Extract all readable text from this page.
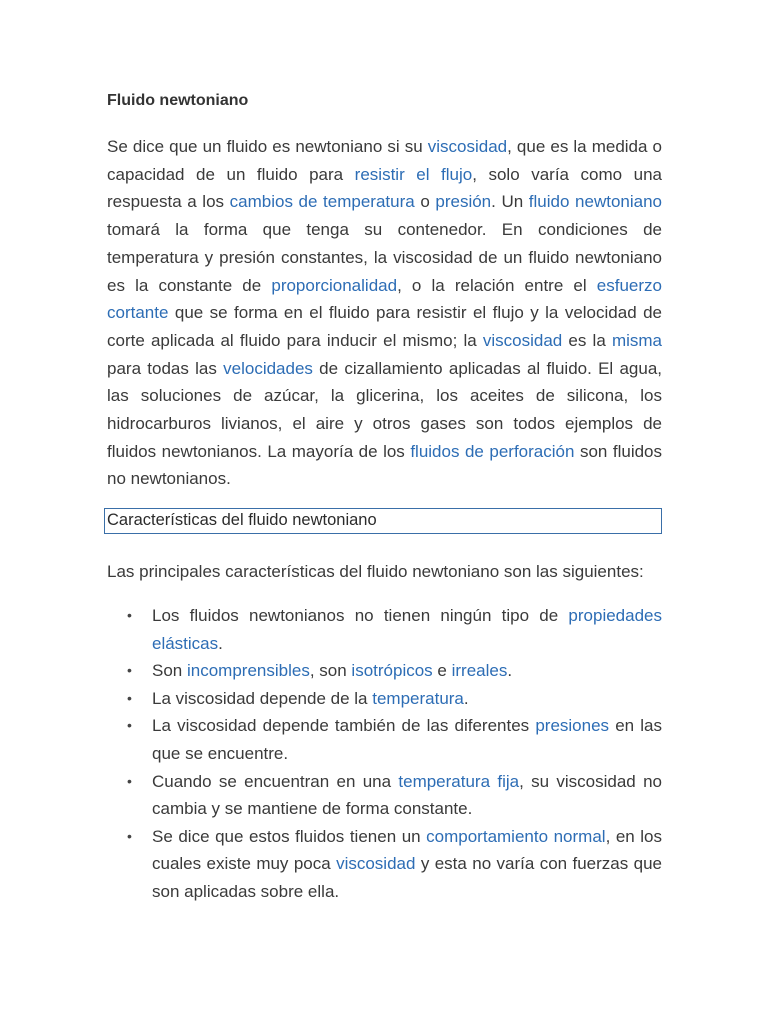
Fluido newtoniano

Se dice que un fluido es newtoniano si su viscosidad, que es la medida o capacidad de un fluido para resistir el flujo, solo varía como una respuesta a los cambios de temperatura o presión. Un fluido newtoniano tomará la forma que tenga su contenedor. En condiciones de temperatura y presión constantes, la viscosidad de un fluido newtoniano es la constante de proporcionalidad, o la relación entre el esfuerzo cortante que se forma en el fluido para resistir el flujo y la velocidad de corte aplicada al fluido para inducir el mismo; la viscosidad es la misma para todas las velocidades de cizallamiento aplicadas al fluido. El agua, las soluciones de azúcar, la glicerina, los aceites de silicona, los hidrocarburos livianos, el aire y otros gases son todos ejemplos de fluidos newtonianos. La mayoría de los fluidos de perforación son fluidos no newtonianos.

Características del fluido newtoniano

Las principales características del fluido newtoniano son las siguientes:

• Los fluidos newtonianos no tienen ningún tipo de propiedades elásticas.
• Son incomprensibles, son isotrópicos e irreales.
• La viscosidad depende de la temperatura.
• La viscosidad depende también de las diferentes presiones en las que se encuentre.
• Cuando se encuentran en una temperatura fija, su viscosidad no cambia y se mantiene de forma constante.
• Se dice que estos fluidos tienen un comportamiento normal, en los cuales existe muy poca viscosidad y esta no varía con fuerzas que son aplicadas sobre ella.
